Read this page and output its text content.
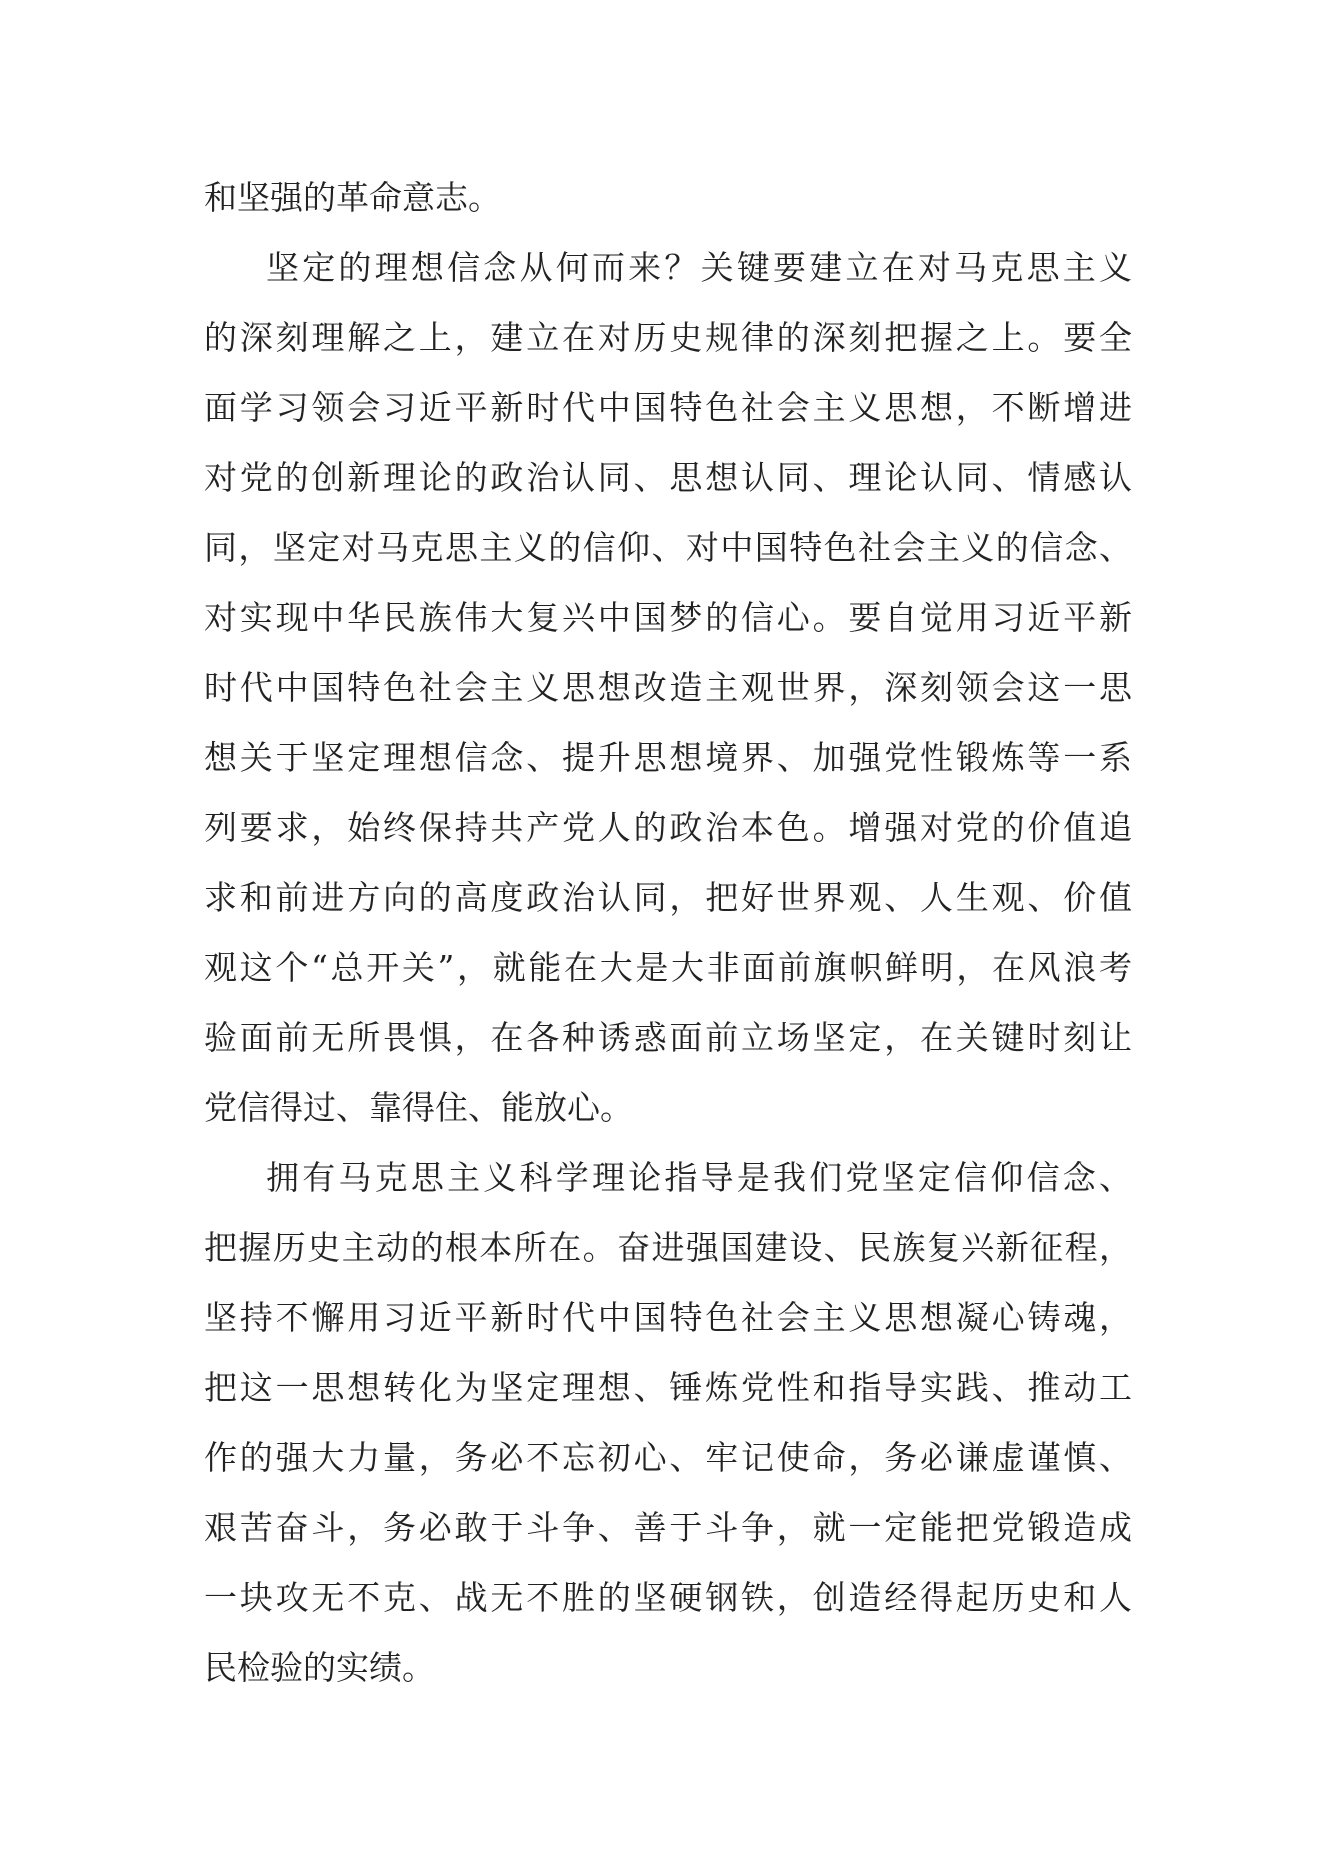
和坚强的革命意志。
坚定的理想信念从何而来？关键要建立在对马克思主义
的深刻理解之上，建立在对历史规律的深刻把握之上。要全
面学习领会习近平新时代中国特色社会主义思想，不断增进
对党的创新理论的政治认同、思想认同、理论认同、情感认
同，坚定对马克思主义的信仰、对中国特色社会主义的信念、
对实现中华民族伟大复兴中国梦的信心。要自觉用习近平新
时代中国特色社会主义思想改造主观世界，深刻领会这一思
想关于坚定理想信念、提升思想境界、加强党性锻炼等一系
列要求，始终保持共产党人的政治本色。增强对党的价值追
求和前进方向的高度政治认同，把好世界观、人生观、价值
观这个“总开关”，就能在大是大非面前旗帜鲜明，在风浪考
验面前无所畏惧，在各种诱惑面前立场坚定，在关键时刻让
党信得过、靠得住、能放心。
拥有马克思主义科学理论指导是我们党坚定信仰信念、
把握历史主动的根本所在。奋进强国建设、民族复兴新征程，
坚持不懈用习近平新时代中国特色社会主义思想凝心铸魂，
把这一思想转化为坚定理想、锤炼党性和指导实践、推动工
作的强大力量，务必不忘初心、牢记使命，务必谦虚谨慎、
艰苦奋斗，务必敢于斗争、善于斗争，就一定能把党锻造成
一块攻无不克、战无不胜的坚硬钢铁，创造经得起历史和人
民检验的实绩。
